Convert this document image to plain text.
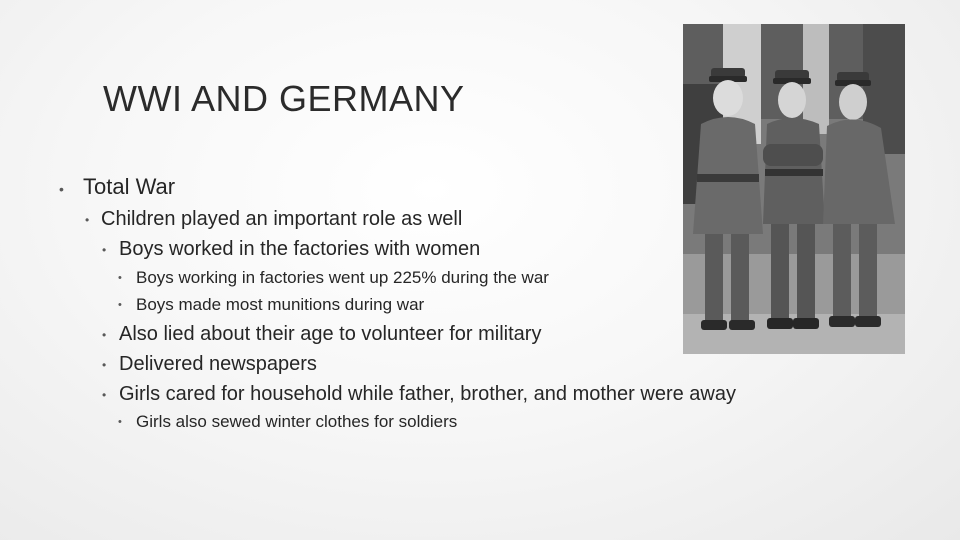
WWI AND GERMANY
• Total War
• Children played an important role as well
• Boys worked in the factories with women
• Boys working in factories went up 225% during the war
• Boys made most munitions during war
• Also lied about their age to volunteer for military
• Delivered newspapers
• Girls cared for household while father, brother, and mother were away
• Girls also sewed winter clothes for soldiers
